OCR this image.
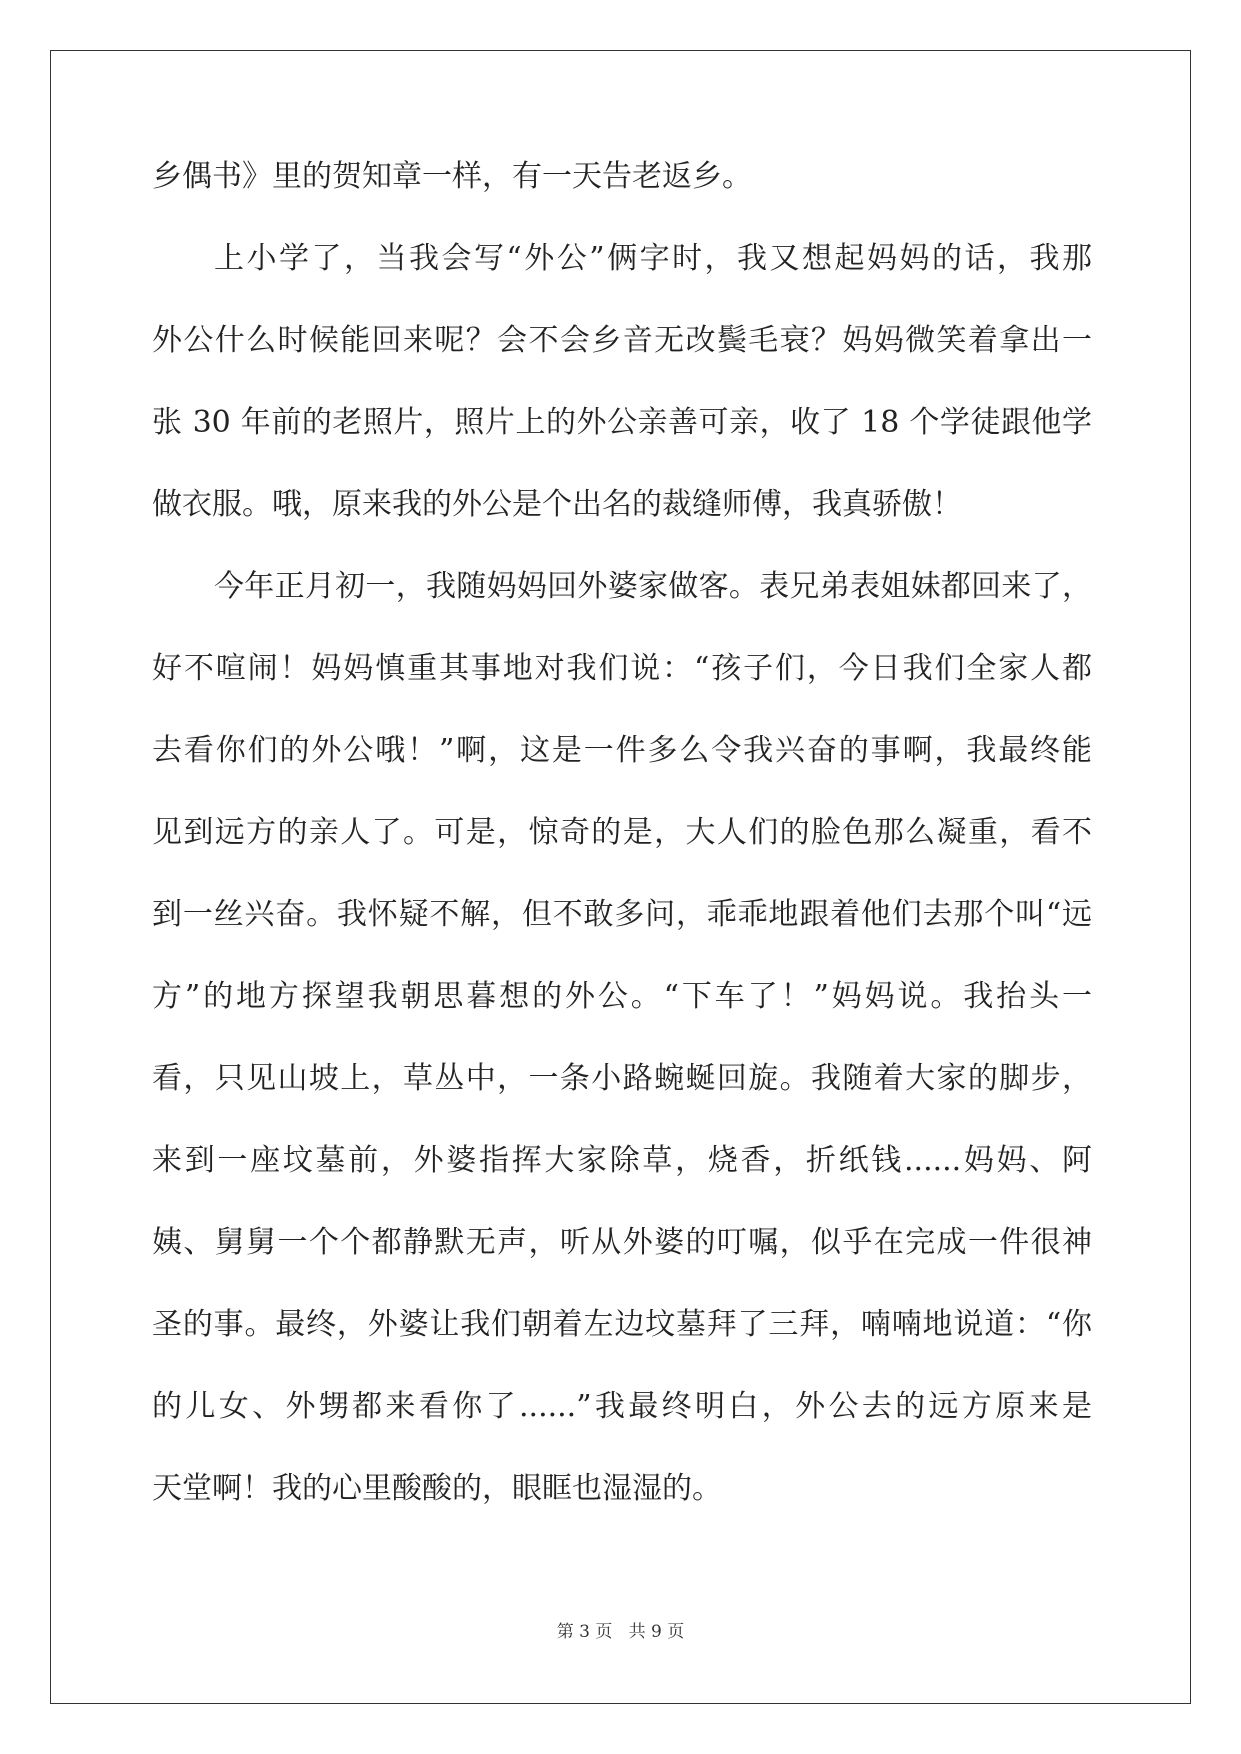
乡偶书》里的贺知章一样，有一天告老返乡。
上小学了，当我会写“外公”俩字时，我又想起妈妈的话，我那
外公什么时候能回来呢？会不会乡音无改鬓毛衰？妈妈微笑着拿出一
张 30 年前的老照片，照片上的外公亲善可亲，收了 18 个学徒跟他学
做衣服。哦，原来我的外公是个出名的裁缝师傅，我真骄傲！
今年正月初一，我随妈妈回外婆家做客。表兄弟表姐妹都回来了，
好不喧闹！妈妈慎重其事地对我们说：“孩子们，今日我们全家人都
去看你们的外公哦！”啊，这是一件多么令我兴奋的事啊，我最终能
见到远方的亲人了。可是，惊奇的是，大人们的脸色那么凝重，看不
到一丝兴奋。我怀疑不解，但不敢多问，乖乖地跟着他们去那个叫“远
方”的地方探望我朝思暮想的外公。“下车了！”妈妈说。我抬头一
看，只见山坡上，草丛中，一条小路蜿蜒回旋。我随着大家的脚步，
来到一座坟墓前，外婆指挥大家除草，烧香，折纸钱......妈妈、阿
姨、舅舅一个个都静默无声，听从外婆的叮嘱，似乎在完成一件很神
圣的事。最终，外婆让我们朝着左边坟墓拜了三拜，喃喃地说道：“你
的儿女、外甥都来看你了......”我最终明白，外公去的远方原来是
天堂啊！我的心里酸酸的，眼眶也湿湿的。
第 3 页 共 9 页
